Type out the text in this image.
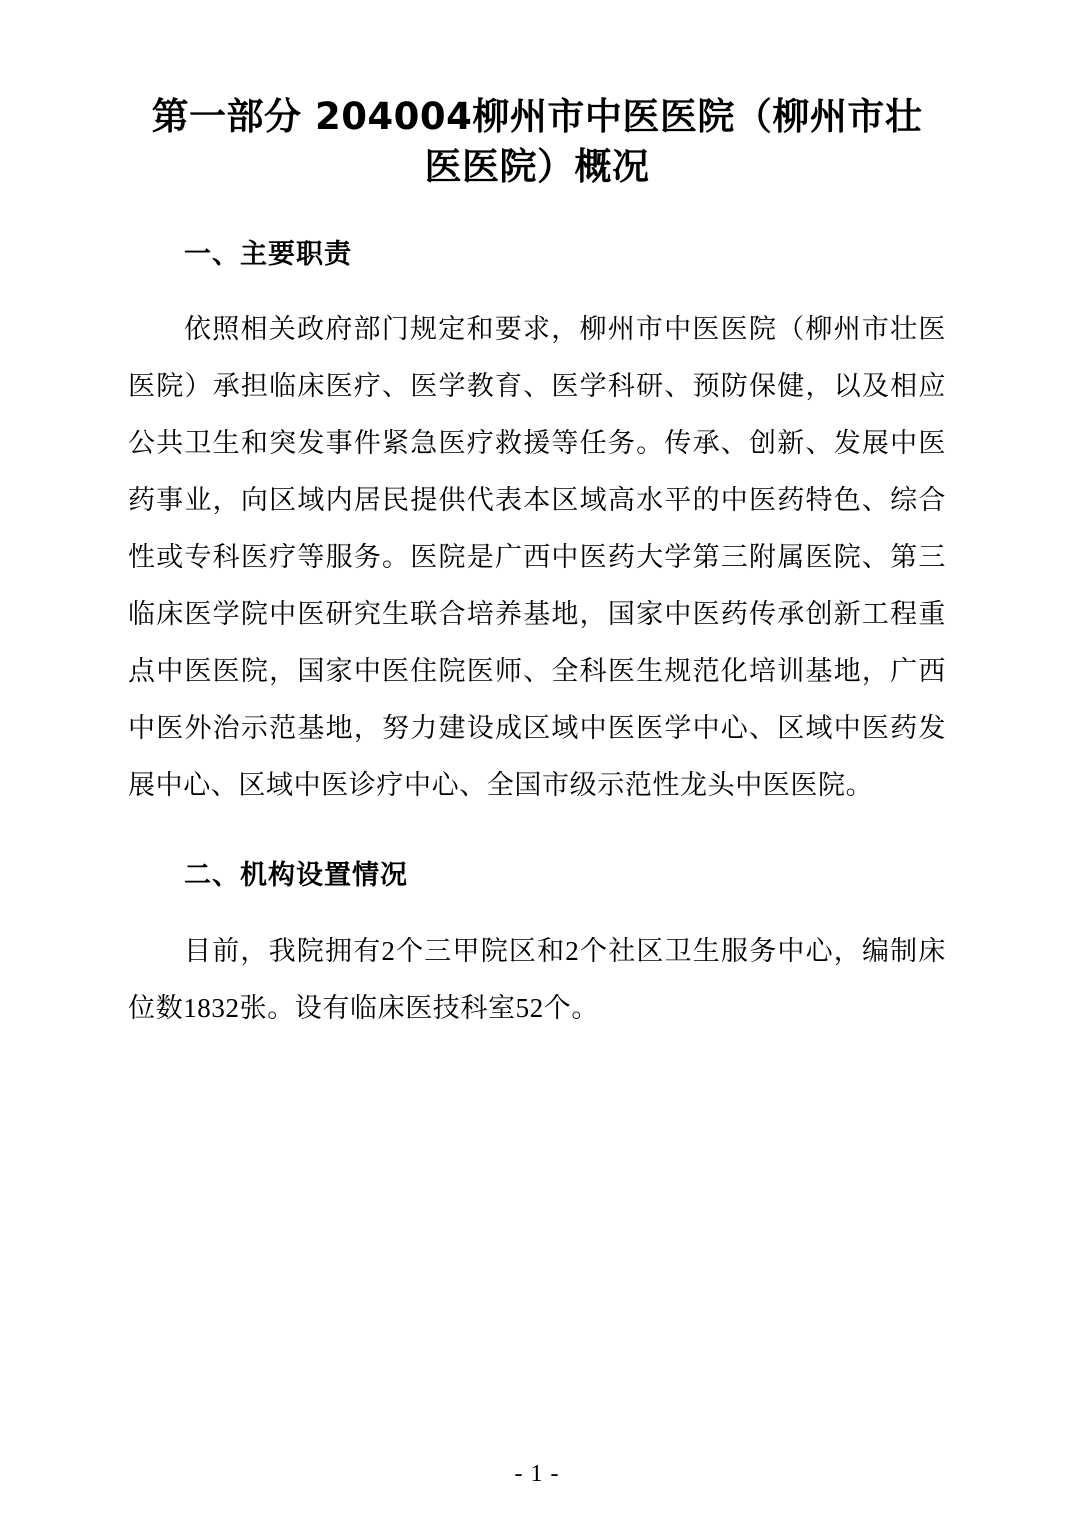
第一部分 204004柳州市中医医院（柳州市壮医医院）概况
一、主要职责

依照相关政府部门规定和要求，柳州市中医医院（柳州市壮医医院）承担临床医疗、医学教育、医学科研、预防保健，以及相应公共卫生和突发事件紧急医疗救援等任务。传承、创新、发展中医药事业，向区域内居民提供代表本区域高水平的中医药特色、综合性或专科医疗等服务。医院是广西中医药大学第三附属医院、第三临床医学院中医研究生联合培养基地，国家中医药传承创新工程重点中医医院，国家中医住院医师、全科医生规范化培训基地，广西中医外治示范基地，努力建设成区域中医医学中心、区域中医药发展中心、区域中医诊疗中心、全国市级示范性龙头中医医院。

二、机构设置情况

目前，我院拥有2个三甲院区和2个社区卫生服务中心，编制床位数1832张。设有临床医技科室52个。

- 1 -
